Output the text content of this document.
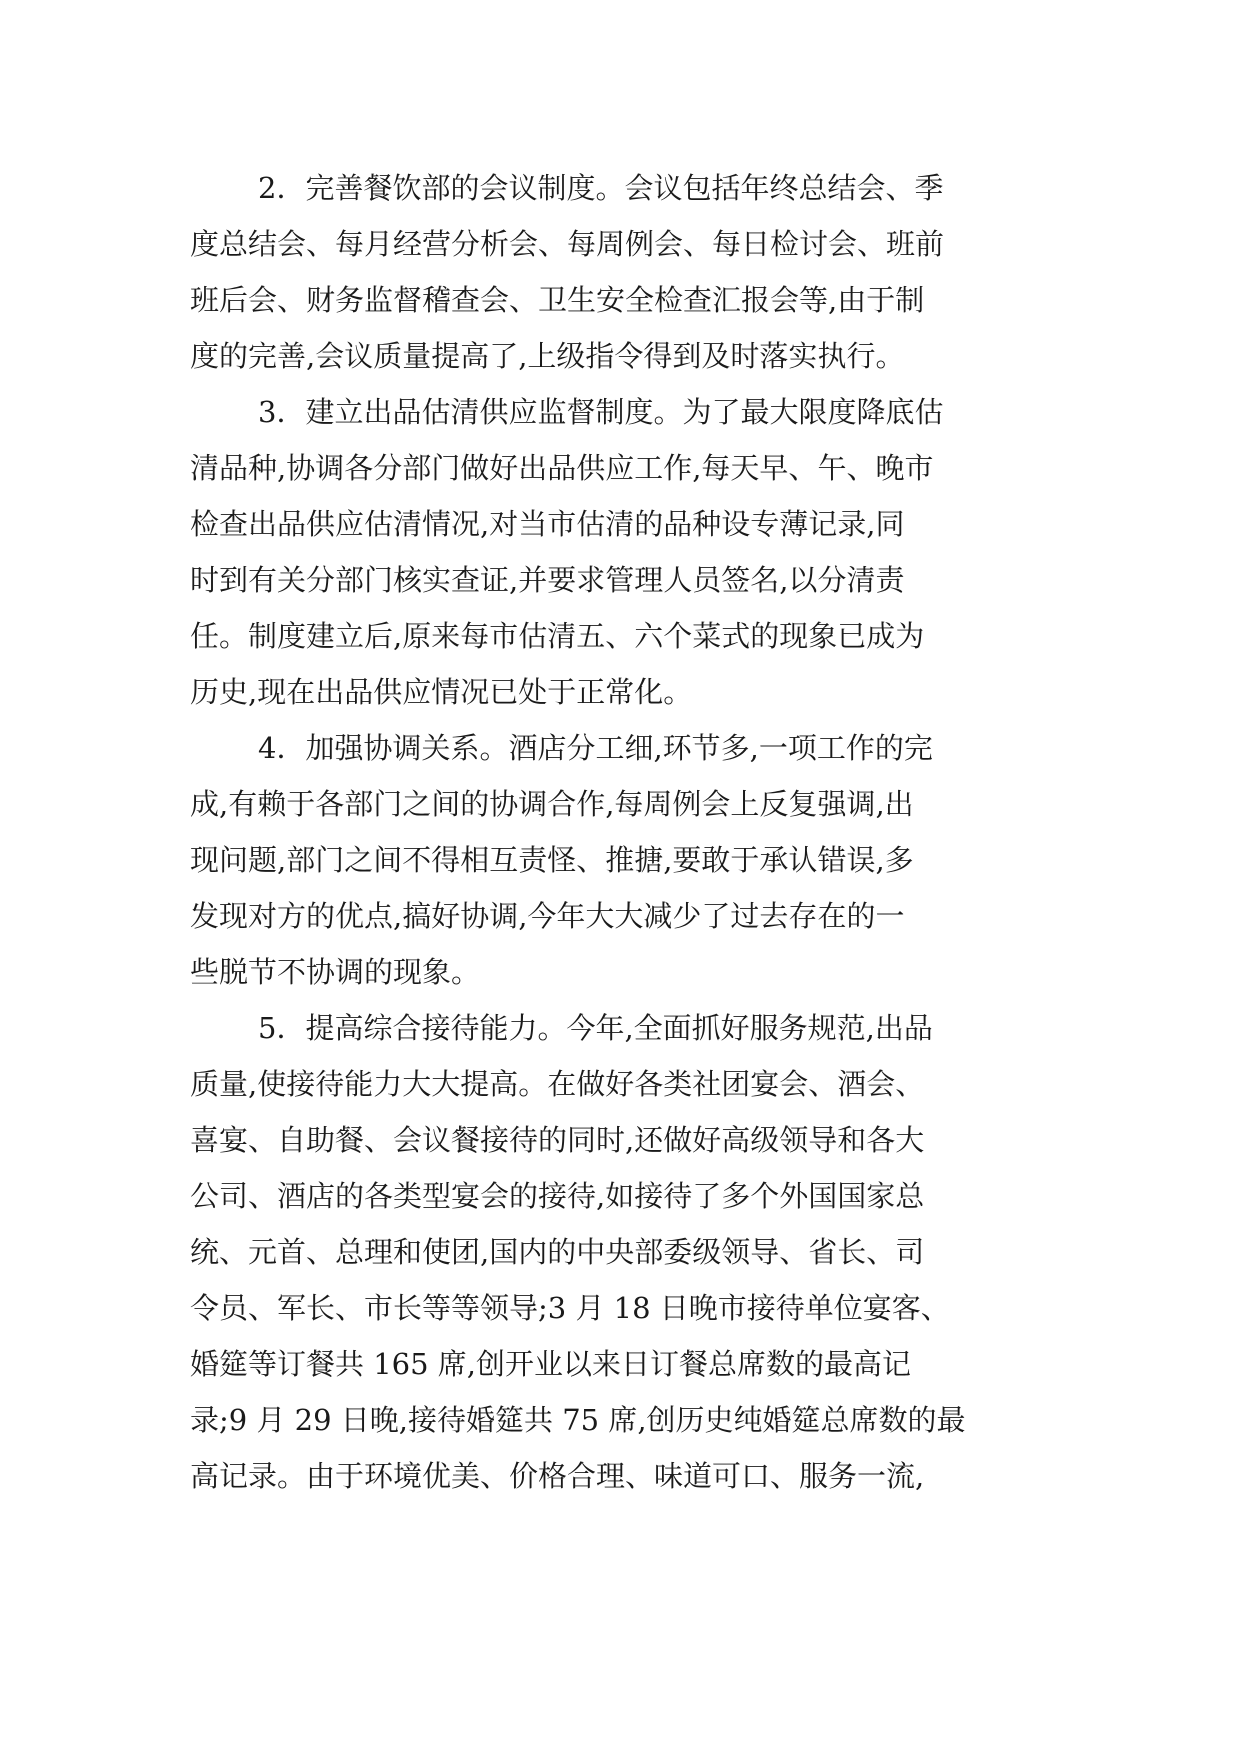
2．完善餐饮部的会议制度。会议包括年终总结会、季
度总结会、每月经营分析会、每周例会、每日检讨会、班前
班后会、财务监督稽查会、卫生安全检查汇报会等,由于制
度的完善,会议质量提高了,上级指令得到及时落实执行。
3．建立出品估清供应监督制度。为了最大限度降底估
清品种,协调各分部门做好出品供应工作,每天早、午、晚市
检查出品供应估清情况,对当市估清的品种设专薄记录,同
时到有关分部门核实查证,并要求管理人员签名,以分清责
任。制度建立后,原来每市估清五、六个菜式的现象已成为
历史,现在出品供应情况已处于正常化。
4．加强协调关系。酒店分工细,环节多,一项工作的完
成,有赖于各部门之间的协调合作,每周例会上反复强调,出
现问题,部门之间不得相互责怪、推搪,要敢于承认错误,多
发现对方的优点,搞好协调,今年大大减少了过去存在的一
些脱节不协调的现象。
5．提高综合接待能力。今年,全面抓好服务规范,出品
质量,使接待能力大大提高。在做好各类社团宴会、酒会、
喜宴、自助餐、会议餐接待的同时,还做好高级领导和各大
公司、酒店的各类型宴会的接待,如接待了多个外国国家总
统、元首、总理和使团,国内的中央部委级领导、省长、司
令员、军长、市长等等领导;3 月 18 日晚市接待单位宴客、
婚筵等订餐共 165 席,创开业以来日订餐总席数的最高记
录;9 月 29 日晚,接待婚筵共 75 席,创历史纯婚筵总席数的最
高记录。由于环境优美、价格合理、味道可口、服务一流,
